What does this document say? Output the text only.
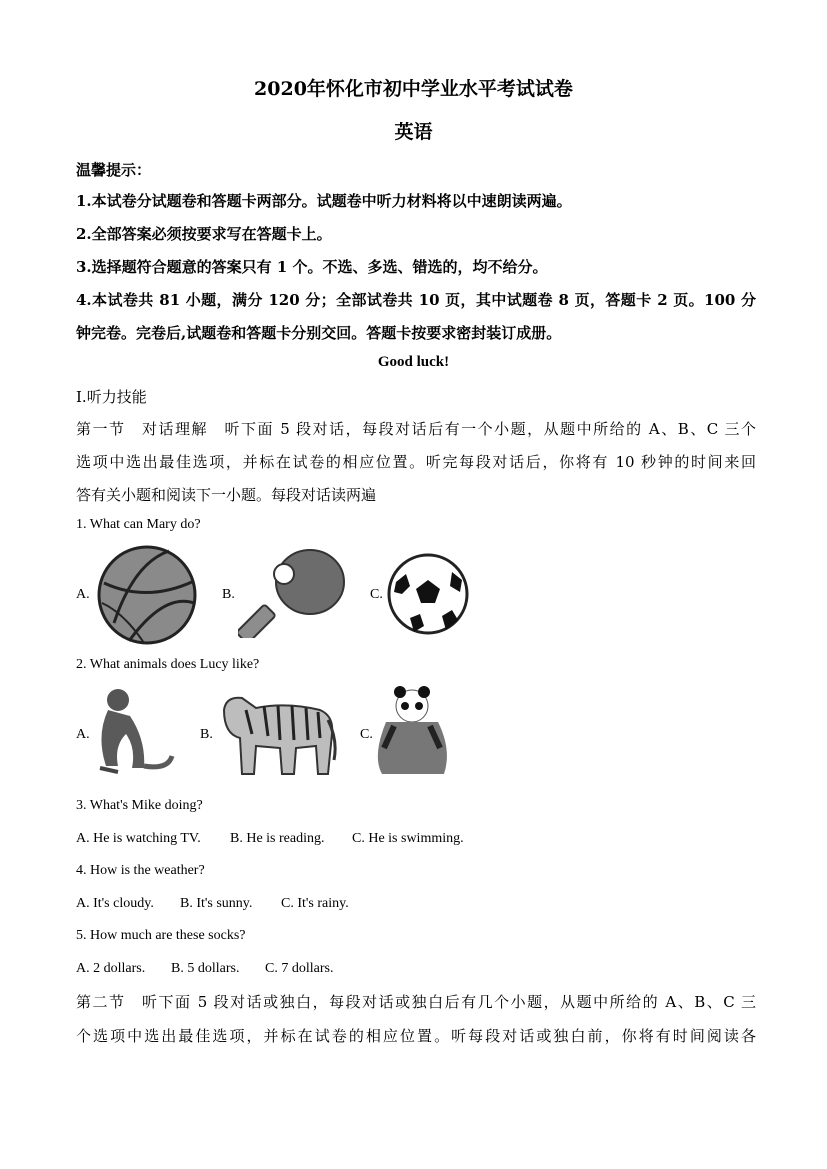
2020年怀化市初中学业水平考试试卷
英语
温馨提示：
1.本试卷分试题卷和答题卡两部分。试题卷中听力材料将以中速朗读两遍。
2.全部答案必须按要求写在答题卡上。
3.选择题符合题意的答案只有 1 个。不选、多选、错选的，均不给分。
4.本试卷共 81 小题，满分 120 分；全部试卷共 10 页，其中试题卷 8 页，答题卡 2 页。100 分
钟完卷。完卷后,试题卷和答题卡分别交回。答题卡按要求密封装订成册。
Good luck!
I.听力技能
第一节　对话理解　听下面 5 段对话，每段对话后有一个小题，从题中所给的 A、B、C 三个
选项中选出最佳选项，并标在试卷的相应位置。听完每段对话后，你将有 10 秒钟的时间来回
答有关小题和阅读下一小题。每段对话读两遍
1. What can Mary do?
A.	B.	C.
2. What animals does Lucy like?
A.	B.	C.
3. What's Mike doing?
A. He is watching TV. B. He is reading. C. He is swimming.
4. How is the weather?
A. It's cloudy. B. It's sunny. C. It's rainy.
5. How much are these socks?
A. 2 dollars. B. 5 dollars. C. 7 dollars.
第二节　听下面 5 段对话或独白，每段对话或独白后有几个小题，从题中所给的 A、B、C 三
个选项中选出最佳选项，并标在试卷的相应位置。听每段对话或独白前，你将有时间阅读各
